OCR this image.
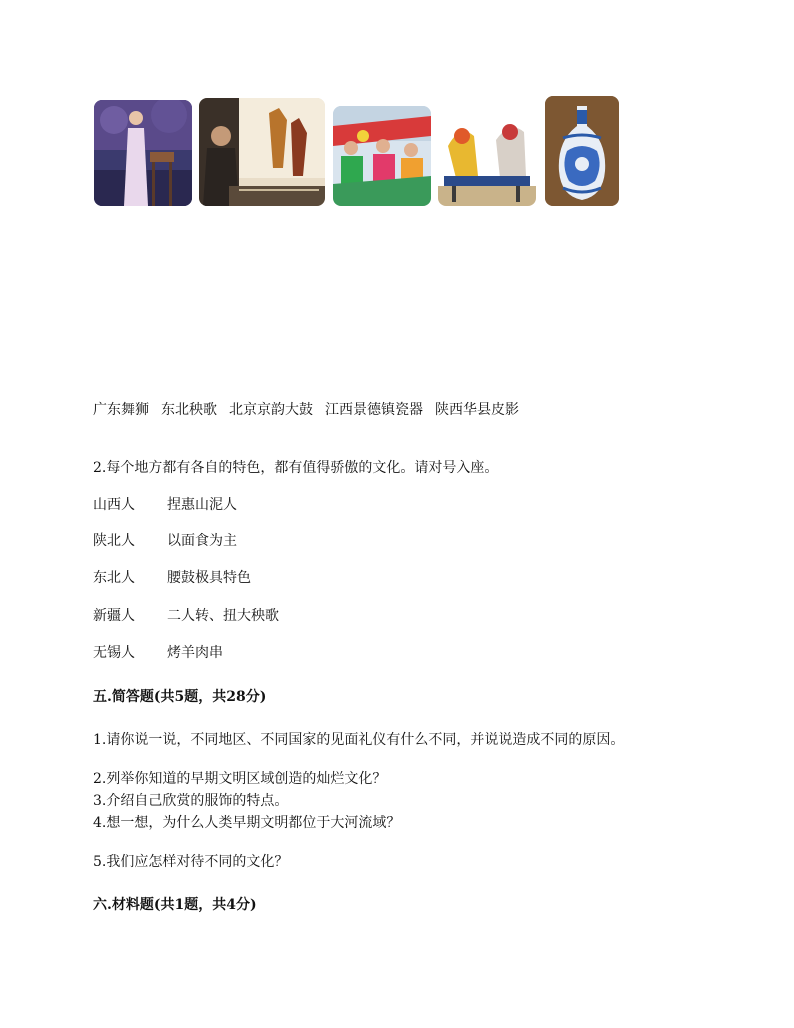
广东舞狮 东北秧歌 北京京韵大鼓 江西景德镇瓷器 陕西华县皮影
2.每个地方都有各自的特色，都有值得骄傲的文化。请对号入座。
山西人 捏惠山泥人
陕北人 以面食为主
东北人 腰鼓极具特色
新疆人 二人转、扭大秧歌
无锡人 烤羊肉串
五.简答题(共5题，共28分)
1.请你说一说，不同地区、不同国家的见面礼仪有什么不同，并说说造成不同的原因。
2.列举你知道的早期文明区域创造的灿烂文化？
3.介绍自己欣赏的服饰的特点。
4.想一想，为什么人类早期文明都位于大河流域？
5.我们应怎样对待不同的文化？
六.材料题(共1题，共4分)
